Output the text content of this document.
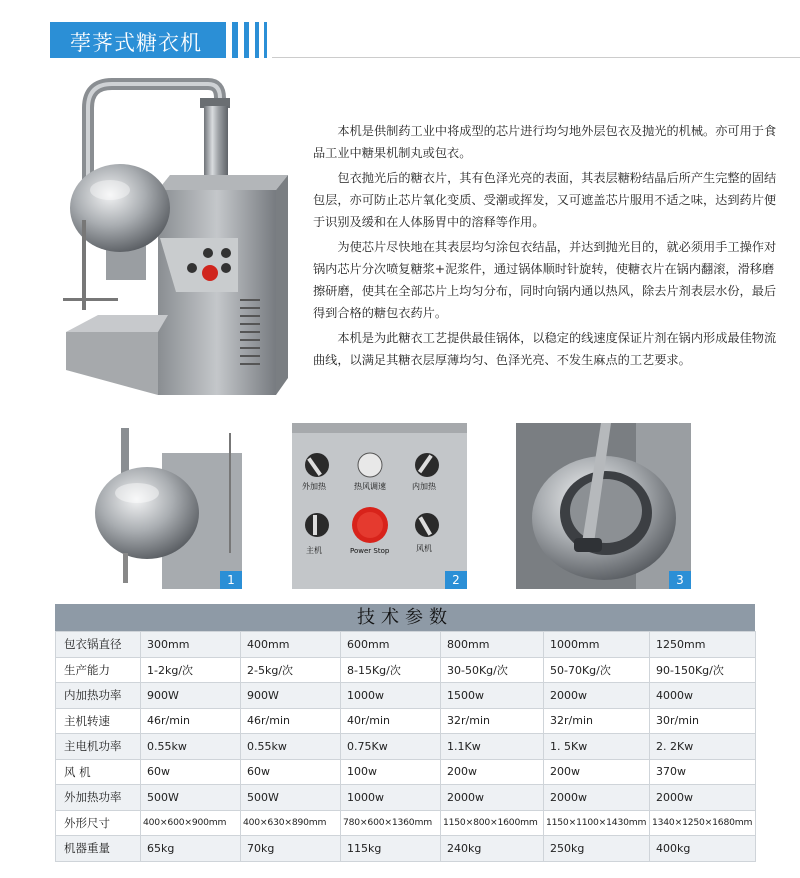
荸荠式糖衣机

本机是供制药工业中将成型的芯片进行均匀地外层包衣及抛光的机械。亦可用于食品工业中糖果机制丸或包衣。

包衣抛光后的糖衣片，其有色泽光亮的表面，其表层糖粉结晶后所产生完整的固结包层，亦可防止芯片氧化变质、受潮或挥发，又可遮盖芯片服用不适之味，达到药片便于识别及缓和在人体肠胃中的溶释等作用。

为使芯片尽快地在其表层均匀涂包衣结晶，并达到抛光目的，就必须用手工操作对锅内芯片分次喷复糖浆+泥浆件，通过锅体顺时针旋转，使糖衣片在锅内翻滚，滑移磨擦研磨，使其在全部芯片上均匀分布，同时向锅内通以热风，除去片剂表层水份，最后得到合格的糖包衣药片。

本机是为此糖衣工艺提供最佳锅体，以稳定的线速度保证片剂在锅内形成最佳物流曲线，以满足其糖衣层厚薄均匀、色泽光亮、不发生麻点的工艺要求。

1
外加热	热风调速	内加热
主机	风机
Power Stop
2	3
技术参数
包衣锅直径	300mm	400mm	600mm	800mm	1000mm	1250mm
生产能力	1-2kg/次	2-5kg/次	8-15Kg/次	30-50Kg/次	50-70Kg/次	90-150Kg/次
内加热功率	900W	900W	1000w	1500w	2000w	4000w
主机转速	46r/min	46r/min	40r/min	32r/min	32r/min	30r/min
主电机功率	0.55kw	0.55kw	0.75Kw	1.1Kw	1. 5Kw	2. 2Kw
风 机	60w	60w	100w	200w	200w	370w
外加热功率	500W	500W	1000w	2000w	2000w	2000w
外形尺寸	400×600×900mm	400×630×890mm	780×600×1360mm	1150×800×1600mm	1150×1100×1430mm	1340×1250×1680mm
机器重量	65kg	70kg	115kg	240kg	250kg	400kg
